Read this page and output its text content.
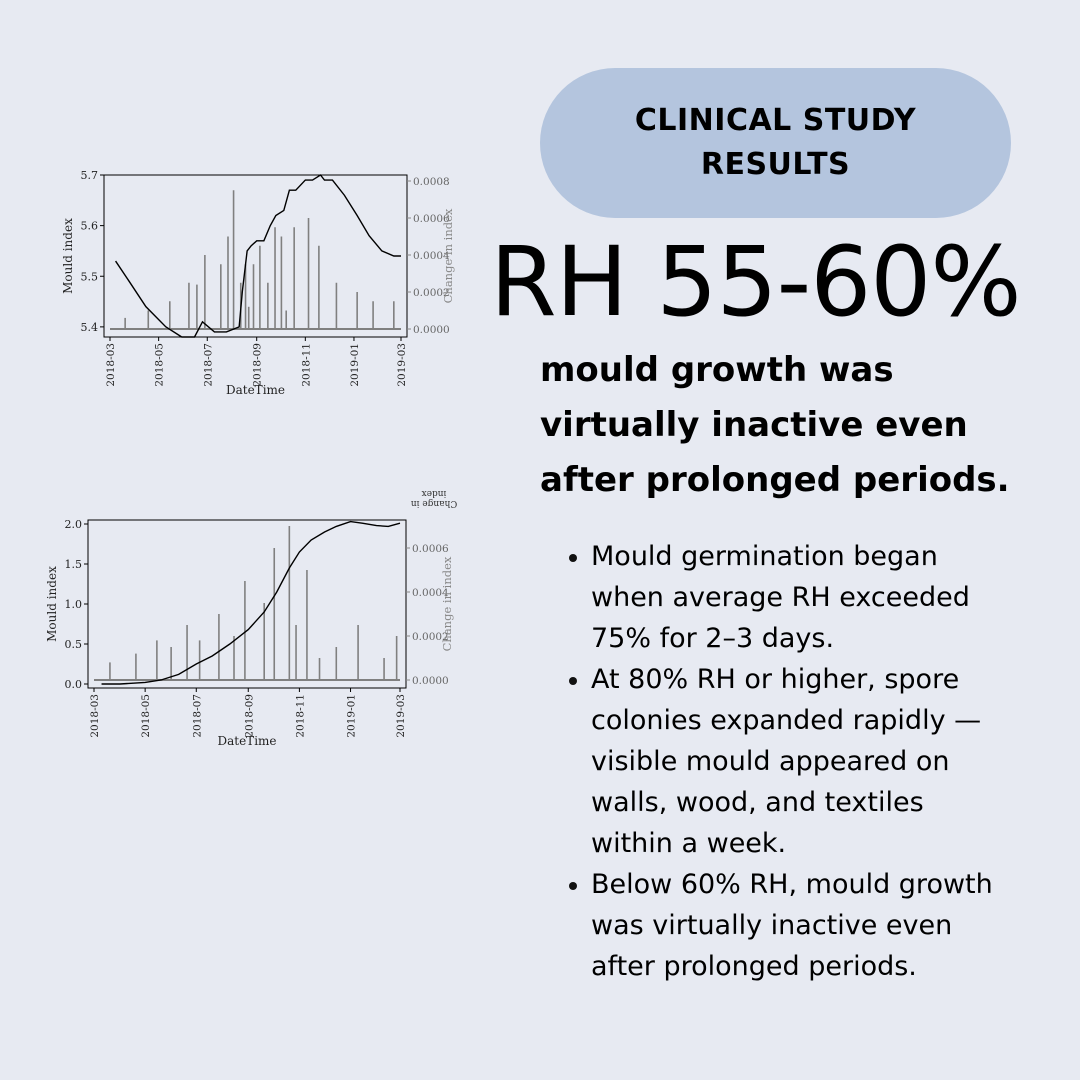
CLINICAL STUDY
RESULTS
RH 55-60%
mould growth was
virtually inactive even
after prolonged periods.
Mould germination began
when average RH exceeded
75% for 2–3 days.
At 80% RH or higher, spore
colonies expanded rapidly —
visible mould appeared on
walls, wood, and textiles
within a week.
Below 60% RH, mould growth
was virtually inactive even
after prolonged periods.
5.4
5.5
5.6
5.7
0.0000
0.0002
0.0004
0.0006
0.0008
2018-03	2018-05	2018-07	2018-09	2018-11	2019-01	2019-03
DateTime
Mould index	Change in index
0.0
0.5
1.0
1.5
2.0
0.0000
0.0002
0.0004
0.0006
2018-03	2018-05	2018-07	2018-09	2018-11	2019-01	2019-03
DateTime
Mould index	Change in index
Change in index
